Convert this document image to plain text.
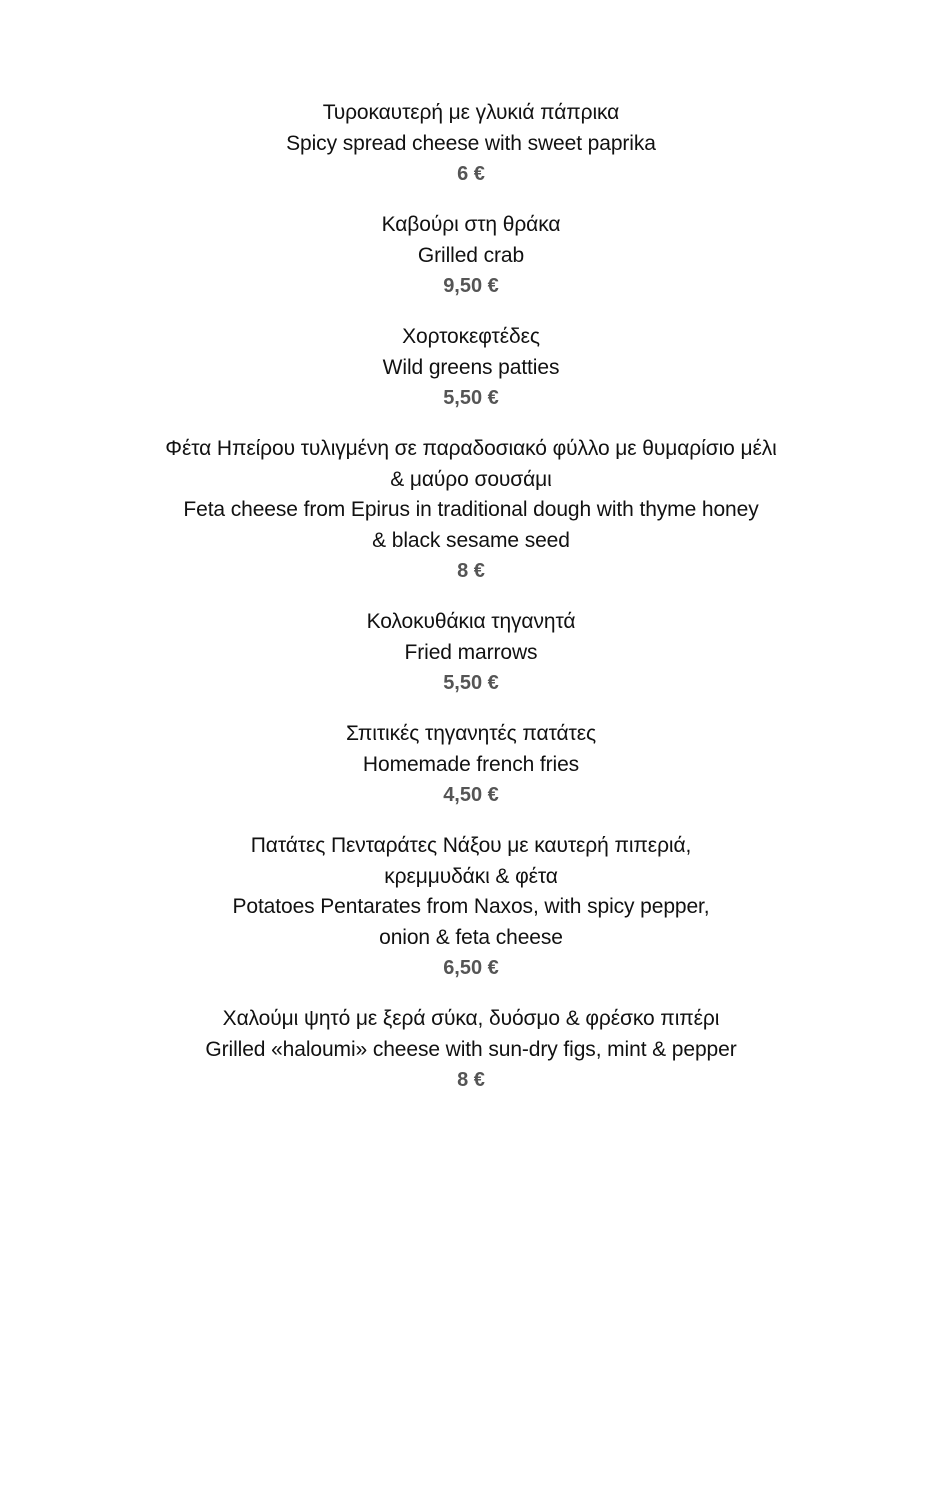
Τυροκαυτερή με γλυκιά πάπρικα
Spicy spread cheese with sweet paprika
6 €
Καβούρι στη θράκα
Grilled crab
9,50 €
Χορτοκεφτέδες
Wild greens patties
5,50 €
Φέτα Ηπείρου τυλιγμένη σε παραδοσιακό φύλλο με θυμαρίσιο μέλι
& μαύρο σουσάμι
Feta cheese from Epirus in traditional dough with thyme honey
& black sesame seed
8 €
Κολοκυθάκια τηγανητά
Fried marrows
5,50 €
Σπιτικές τηγανητές πατάτες
Homemade french fries
4,50 €
Πατάτες Πενταράτες Νάξου με καυτερή πιπεριά,
κρεμμυδάκι & φέτα
Potatoes Pentarates from Naxos, with spicy pepper,
onion & feta cheese
6,50 €
Χαλούμι ψητό με ξερά σύκα, δυόσμο & φρέσκο πιπέρι
Grilled «haloumi» cheese with sun-dry figs, mint & pepper
8 €
